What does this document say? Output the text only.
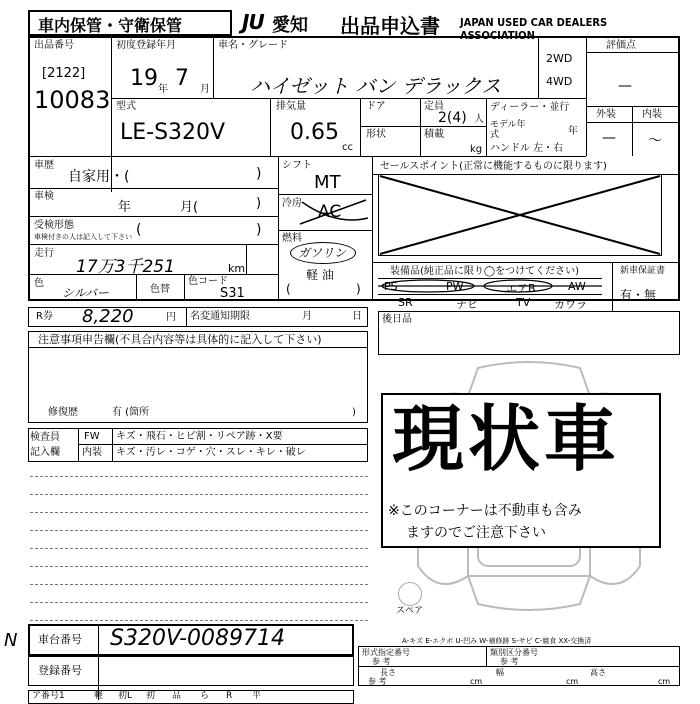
車内保管・守衛保管	JU 愛知 出品申込書 JAPAN USED CAR DEALERS ASSOCIATION
出品番号
[2122]
10083
初度登録年月
19 年 7 月
車名・グレード
ハイゼット バン デラックス
2WD
4WD
評価点
—
外装	内装
— 〜
型式
LE-S320V
排気量
0.65
cc
ドア
形状
定員
2(4) 人
積載
kg
ディーラー・並行
モデル年式	年
ハンドル 左・右
車歴
自家用・(	)
車検
年	月(	)
受検形態
車検付きの人は記入して下さい (	)
走行
17万3千251	km
色
シルバー	色替
色コード
S31
シフト
MT
冷房 AC
燃料
ガソリン
軽 油
(	)
セールスポイント(正常に機能するものに限ります)
装備品(純正品に限り◯をつけてください)	新車保証書
有・無
PS	PW	エアB	AW
SR	ナビ	TV カワラ
R券 8,220	円 名変通知期限	月	日 後日品
注意事項申告欄(不具合内容等は具体的に記入して下さい)
修復歴	有 (箇所	)
検査員
記入欄
FW キズ・飛石・ヒビ割・リペア跡・X要
内装 キズ・汚レ・コゲ・穴・スレ・キレ・破レ 現状車
※このコーナーは不動車も含み
ますのでご注意下さい
スペア
A-キズ E-エクボ U-凹み W-補修跡 S-サビ C-腐食 XX-交換済
N 車台番号 S320V-0089714
登録番号
形式指定番号
参 考
類別区分番号
参 考
長さ
参 考	cm
幅
cm
高さ
cm
ア番号1	軽 初L 初 品 ら R 平
